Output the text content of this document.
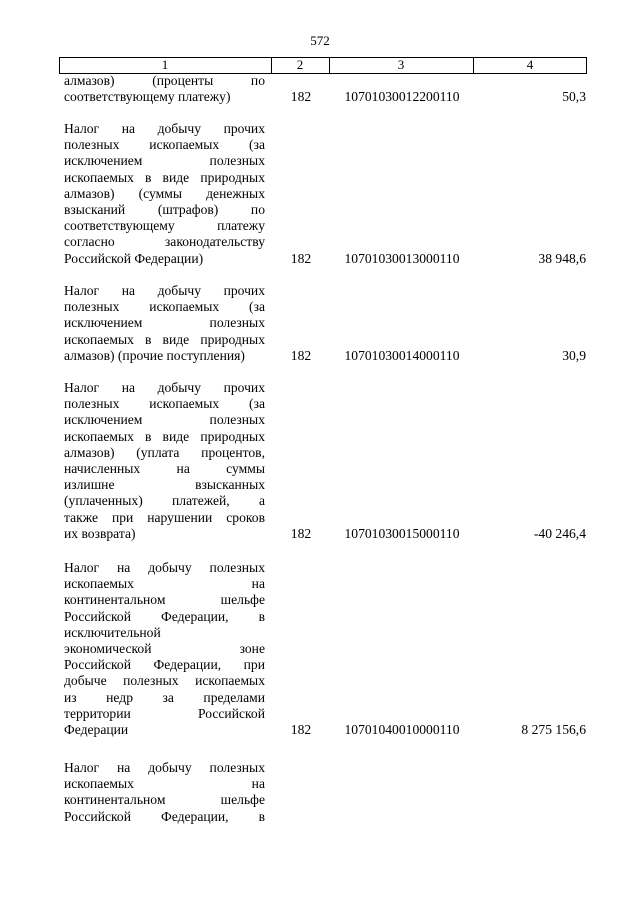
572
1	2	3	4
алмазов) (проценты по
соответствующему платежу)	182	10701030012200110	50,3
Налог на добычу прочих
полезных ископаемых (за
исключением полезных
ископаемых в виде природных
алмазов) (суммы денежных
взысканий (штрафов) по
соответствующему платежу
согласно законодательству
Российской Федерации)	182	10701030013000110	38 948,6
Налог на добычу прочих
полезных ископаемых (за
исключением полезных
ископаемых в виде природных
алмазов) (прочие поступления)	182	10701030014000110	30,9
Налог на добычу прочих
полезных ископаемых (за
исключением полезных
ископаемых в виде природных
алмазов) (уплата процентов,
начисленных на суммы
излишне взысканных
(уплаченных) платежей, а
также при нарушении сроков
их возврата)	182	10701030015000110	-40 246,4
Налог на добычу полезных
ископаемых на
континентальном шельфе
Российской Федерации, в
исключительной
экономической зоне
Российской Федерации, при
добыче полезных ископаемых
из недр за пределами
территории Российской
Федерации	182	10701040010000110	8 275 156,6
Налог на добычу полезных
ископаемых на
континентальном шельфе
Российской Федерации, в
